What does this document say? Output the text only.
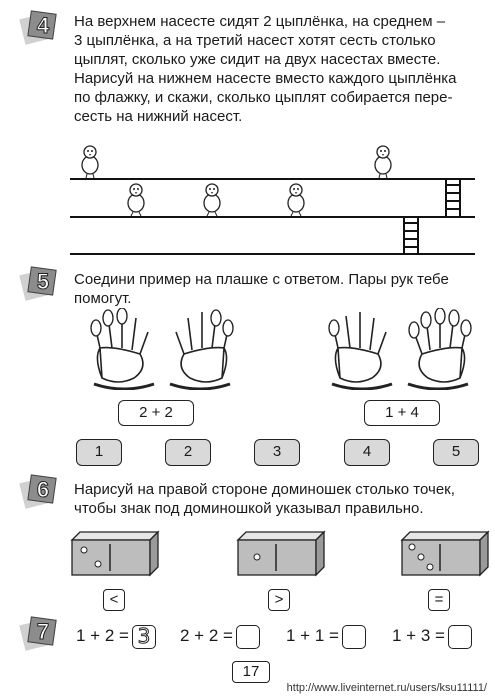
4	На верхнем насесте сидят 2 цыплёнка, на среднем –
3 цыплёнка, а на третий насест хотят сесть столько
цыплят, сколько уже сидит на двух насестах вместе.
Нарисуй на нижнем насесте вместо каждого цыплёнка
по флажку, и скажи, сколько цыплят собирается пере-
сесть на нижний насест.
5	Соедини пример на плашке с ответом. Пары рук тебе
помогут.
2 + 2	1 + 4
1	2	3	4	5
6	Нарисуй на правой стороне доминошек столько точек,
чтобы знак под доминошкой указывал правильно.
<	>	=
7	1 + 2 = 3	2 + 2 =	1 + 1 =	1 + 3 =
17
http://www.liveinternet.ru/users/ksu11111/
